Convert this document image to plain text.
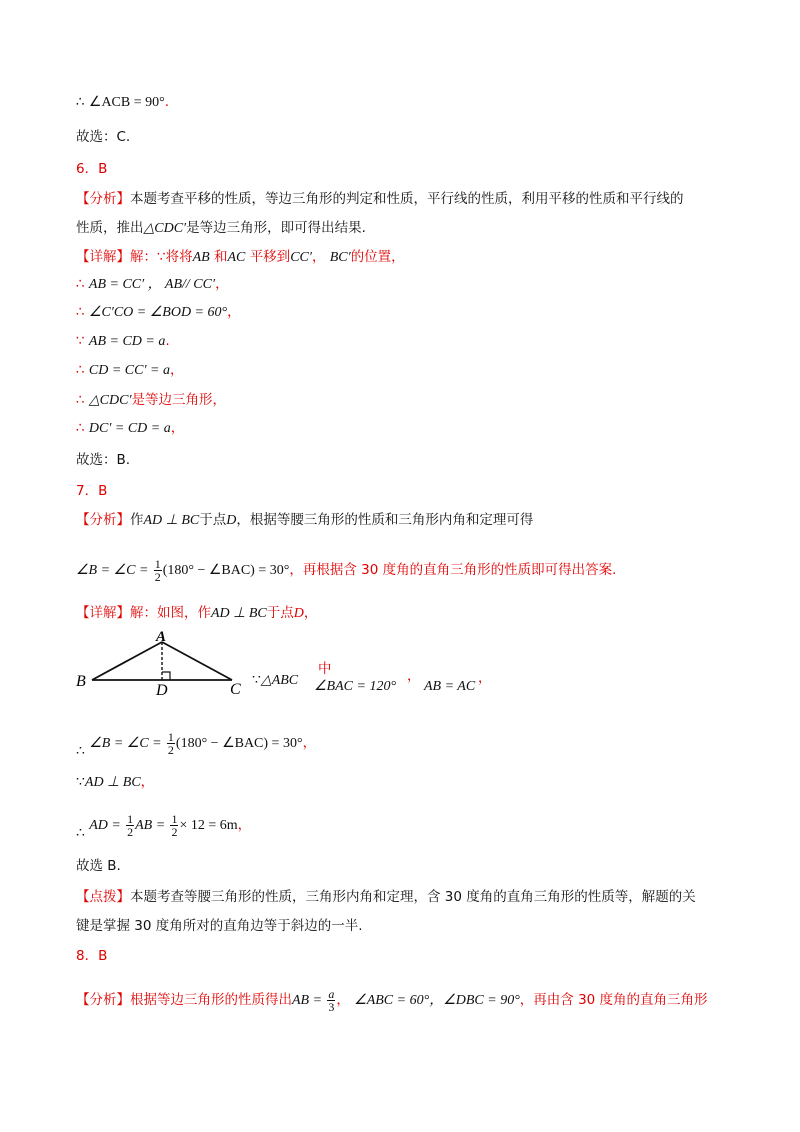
∴ ∠ACB = 90°.
故选：C.
6．B
【分析】本题考查平移的性质，等边三角形的判定和性质，平行线的性质，利用平移的性质和平行线的
性质，推出△CDC′是等边三角形，即可得出结果.
【详解】解：∵将将AB 和AC 平移到CC′， BC′的位置，
∴ AB = CC′ ， AB// CC′，
∴ ∠C′CO = ∠BOD = 60°，
∵ AB = CD = a.
∴ CD = CC′ = a，
∴ △CDC′是等边三角形，
∴ DC′ = CD = a，
故选：B.
7．B
【分析】作AD ⊥ BC于点D，根据等腰三角形的性质和三角形内角和定理可得
∠B = ∠C = $\frac{1}{2} (180^\circ$ − ∠BAC) = 30°，再根据含 30 度角的直角三角形的性质即可得出答案.
【详解】解：如图，作AD ⊥ BC于点D，
A
B	C
D
∵△ABC
中
∠BAC = 120°
，
AB = AC
，
∴ ∠B = ∠C = $\frac{1}{2} (180^\circ$ − ∠BAC) = 30°，
∵AD ⊥ BC，
∴ AD = $\frac{1}{2}$ AB = $\frac{1}{2} \times 12 = 6m$，
故选 B.
【点拨】本题考查等腰三角形的性质，三角形内角和定理，含 30 度角的直角三角形的性质等，解题的关
键是掌握 30 度角所对的直角边等于斜边的一半.
8．B
【分析】根据等边三角形的性质得出AB = $\frac{a}{3}$ ， ∠ABC = 60°，∠DBC = 90°，再由含 30 度角的直角三角形
